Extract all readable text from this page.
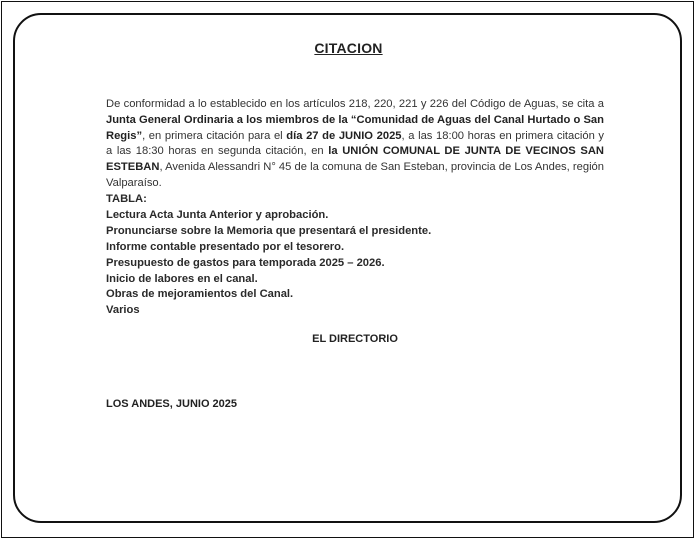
CITACION
De conformidad a lo establecido en los artículos 218, 220, 221 y 226 del Código de Aguas, se cita a Junta General Ordinaria a los miembros de la “Comunidad de Aguas del Canal Hurtado o San Regis”, en primera citación para el día 27 de JUNIO 2025, a las 18:00 horas en primera citación y a las 18:30 horas en segunda citación, en la UNIÓN COMUNAL DE JUNTA DE VECINOS SAN ESTEBAN, Avenida Alessandri N° 45 de la comuna de San Esteban, provincia de Los Andes, región Valparaíso.
TABLA:
Lectura Acta Junta Anterior y aprobación.
Pronunciarse sobre la Memoria que presentará el presidente.
Informe contable presentado por el tesorero.
Presupuesto de gastos para temporada 2025 – 2026.
Inicio de labores en el canal.
Obras de mejoramientos del Canal.
Varios
EL DIRECTORIO
LOS ANDES, JUNIO 2025
